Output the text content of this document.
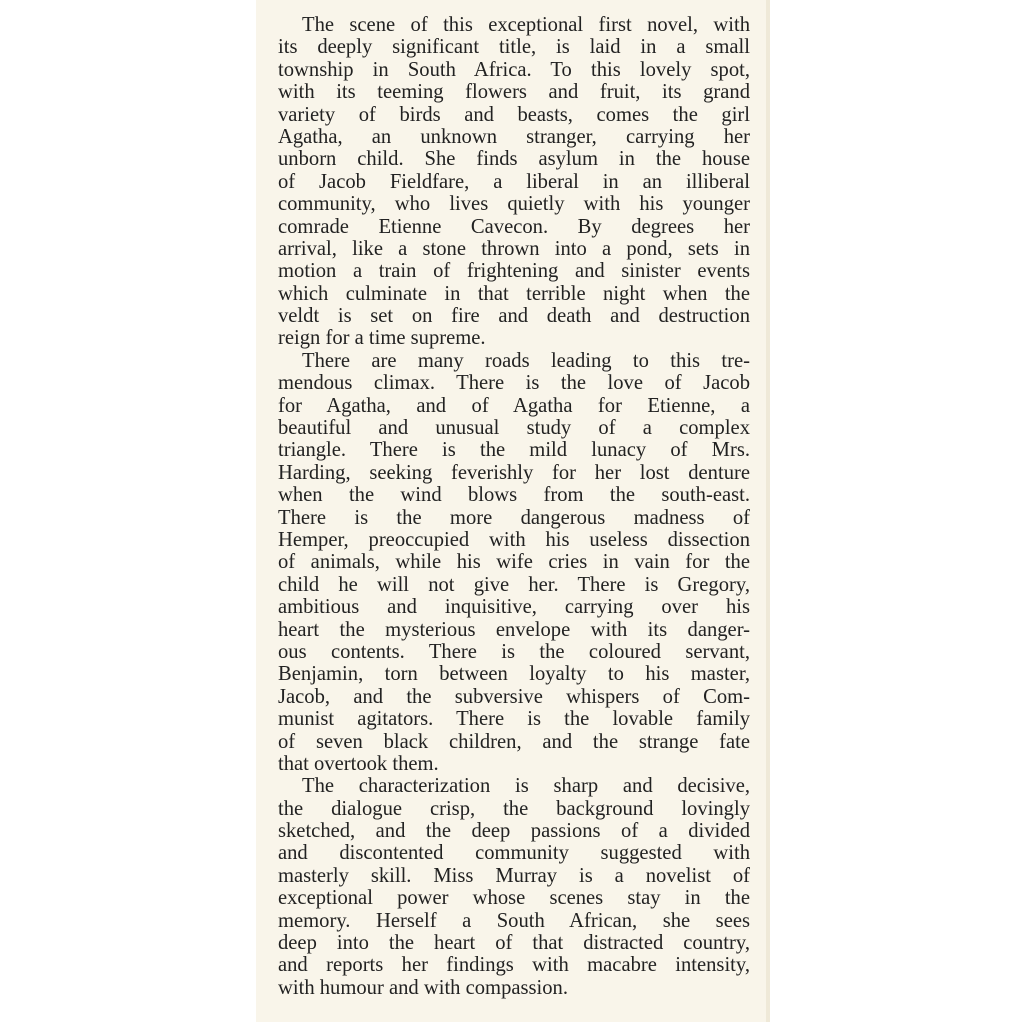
The scene of this exceptional first novel, with
its deeply significant title, is laid in a small
township in South Africa. To this lovely spot,
with its teeming flowers and fruit, its grand
variety of birds and beasts, comes the girl
Agatha, an unknown stranger, carrying her
unborn child. She finds asylum in the house
of Jacob Fieldfare, a liberal in an illiberal
community, who lives quietly with his younger
comrade Etienne Cavecon. By degrees her
arrival, like a stone thrown into a pond, sets in
motion a train of frightening and sinister events
which culminate in that terrible night when the
veldt is set on fire and death and destruction
reign for a time supreme.
There are many roads leading to this tre-
mendous climax. There is the love of Jacob
for Agatha, and of Agatha for Etienne, a
beautiful and unusual study of a complex
triangle. There is the mild lunacy of Mrs.
Harding, seeking feverishly for her lost denture
when the wind blows from the south-east.
There is the more dangerous madness of
Hemper, preoccupied with his useless dissection
of animals, while his wife cries in vain for the
child he will not give her. There is Gregory,
ambitious and inquisitive, carrying over his
heart the mysterious envelope with its danger-
ous contents. There is the coloured servant,
Benjamin, torn between loyalty to his master,
Jacob, and the subversive whispers of Com-
munist agitators. There is the lovable family
of seven black children, and the strange fate
that overtook them.
The characterization is sharp and decisive,
the dialogue crisp, the background lovingly
sketched, and the deep passions of a divided
and discontented community suggested with
masterly skill. Miss Murray is a novelist of
exceptional power whose scenes stay in the
memory. Herself a South African, she sees
deep into the heart of that distracted country,
and reports her findings with macabre intensity,
with humour and with compassion.
